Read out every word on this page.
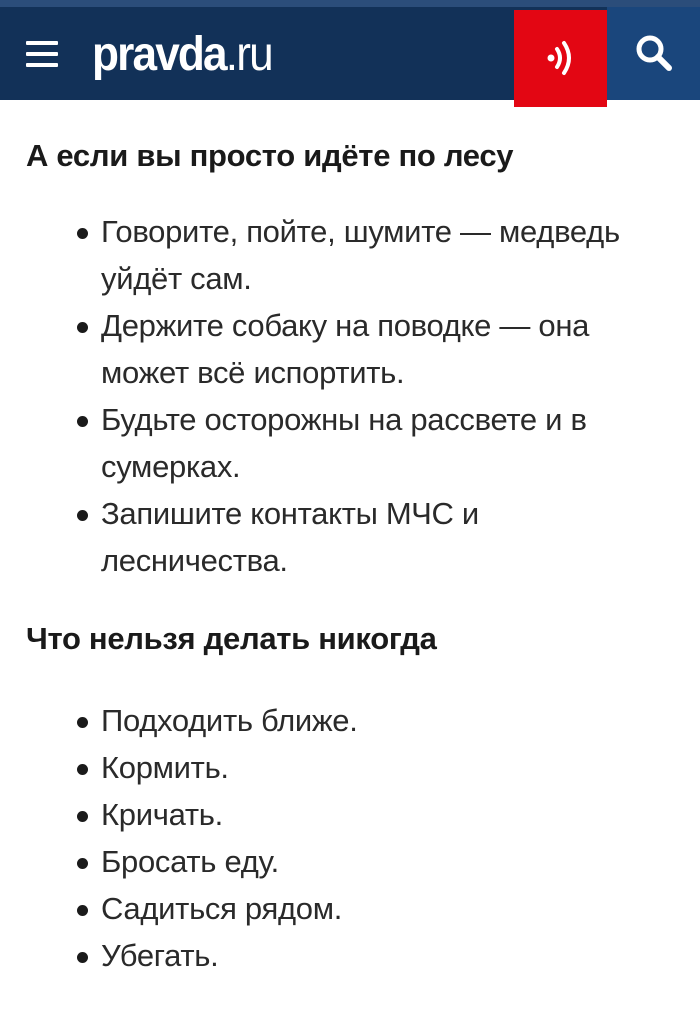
pravda.ru
А если вы просто идёте по лесу
Говорите, пойте, шумите — медведь уйдёт сам.
Держите собаку на поводке — она может всё испортить.
Будьте осторожны на рассвете и в сумерках.
Запишите контакты МЧС и лесничества.
Что нельзя делать никогда
Подходить ближе.
Кормить.
Кричать.
Бросать еду.
Садиться рядом.
Убегать.
